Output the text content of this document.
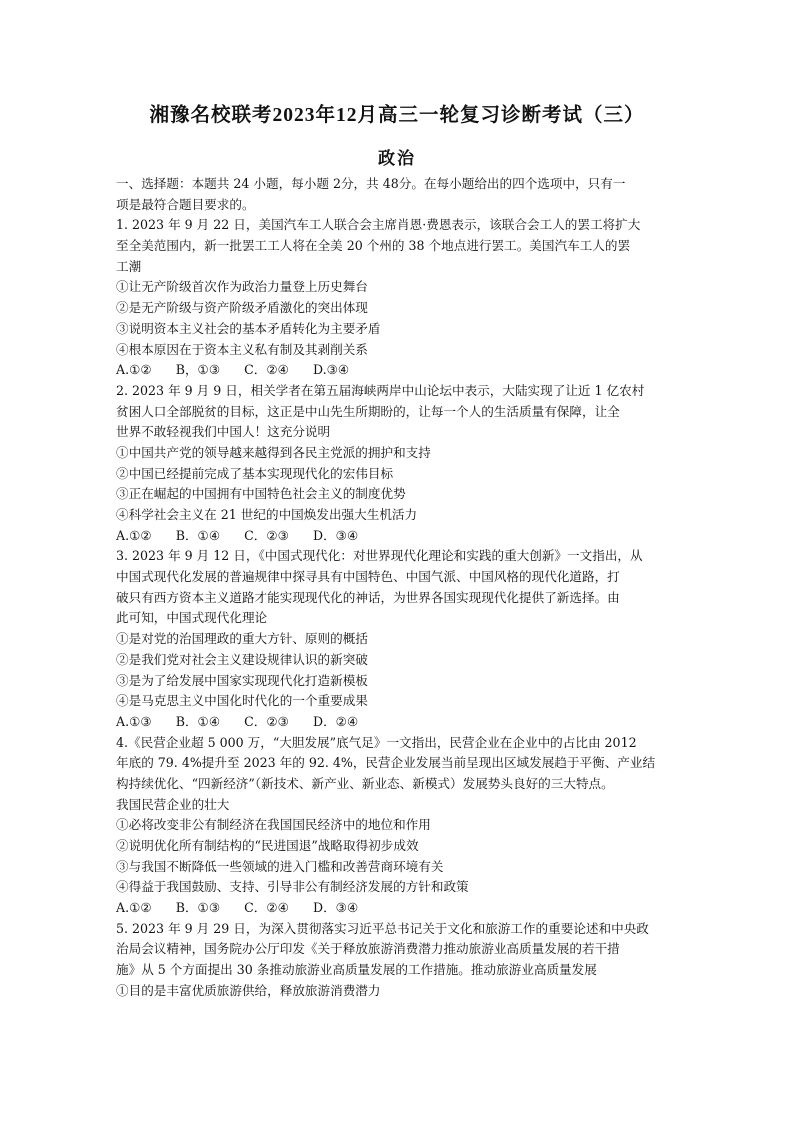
湘豫名校联考2023年12月高三一轮复习诊断考试（三）
政治
一、选择题：本题共 24 小题，每小题 2分，共 48分。在每小题给出的四个选项中，只有一
项是最符合题目要求的。
1. 2023 年 9 月 22 日，美国汽车工人联合会主席肖恩·费恩表示，该联合会工人的罢工将扩大
至全美范围内，新一批罢工工人将在全美 20 个州的 38 个地点进行罢工。美国汽车工人的罢
工潮
①让无产阶级首次作为政治力量登上历史舞台
②是无产阶级与资产阶级矛盾激化的突出体现
③说明资本主义社会的基本矛盾转化为主要矛盾
④根本原因在于资本主义私有制及其剥削关系
A.①②      B，①③      C．②④      D.③④
2. 2023 年 9 月 9 日，相关学者在第五届海峡两岸中山论坛中表示，大陆实现了让近 1 亿农村
贫困人口全部脱贫的目标，这正是中山先生所期盼的，让每一个人的生活质量有保障，让全
世界不敢轻视我们中国人！这充分说明
①中国共产党的领导越来越得到各民主党派的拥护和支持
②中国已经提前完成了基本实现现代化的宏伟目标
③正在崛起的中国拥有中国特色社会主义的制度优势
④科学社会主义在 21 世纪的中国焕发出强大生机活力
A.①②      B．①④      C．②③      D．③④
3. 2023 年 9 月 12 日，《中国式现代化：对世界现代化理论和实践的重大创新》一文指出，从
中国式现代化发展的普遍规律中探寻具有中国特色、中国气派、中国风格的现代化道路，打
破只有西方资本主义道路才能实现现代化的神话，为世界各国实现现代化提供了新选择。由
此可知，中国式现代化理论
①是对党的治国理政的重大方针、原则的概括
②是我们党对社会主义建设规律认识的新突破
③是为了给发展中国家实现现代化打造新模板
④是马克思主义中国化时代化的一个重要成果
A.①③      B．①④      C．②③      D．②④
4.《民营企业超 5 000 万，“大胆发展”底气足》一文指出，民营企业在企业中的占比由 2012
年底的 79. 4%提升至 2023 年的 92. 4%，民营企业发展当前呈现出区域发展趋于平衡、产业结
构持续优化、“四新经济”（新技术、新产业、新业态、新模式）发展势头良好的三大特点。
我国民营企业的壮大
①必将改变非公有制经济在我国国民经济中的地位和作用
②说明优化所有制结构的“民进国退”战略取得初步成效
③与我国不断降低一些领域的进入门槛和改善营商环境有关
④得益于我国鼓励、支持、引导非公有制经济发展的方针和政策
A.①②      B．①③      C．②④      D．③④
5. 2023 年 9 月 29 日，为深入贯彻落实习近平总书记关于文化和旅游工作的重要论述和中央政
治局会议精神，国务院办公厅印发《关于释放旅游消费潜力推动旅游业高质量发展的若干措
施》从 5 个方面提出 30 条推动旅游业高质量发展的工作措施。推动旅游业高质量发展
①目的是丰富优质旅游供给，释放旅游消费潜力
